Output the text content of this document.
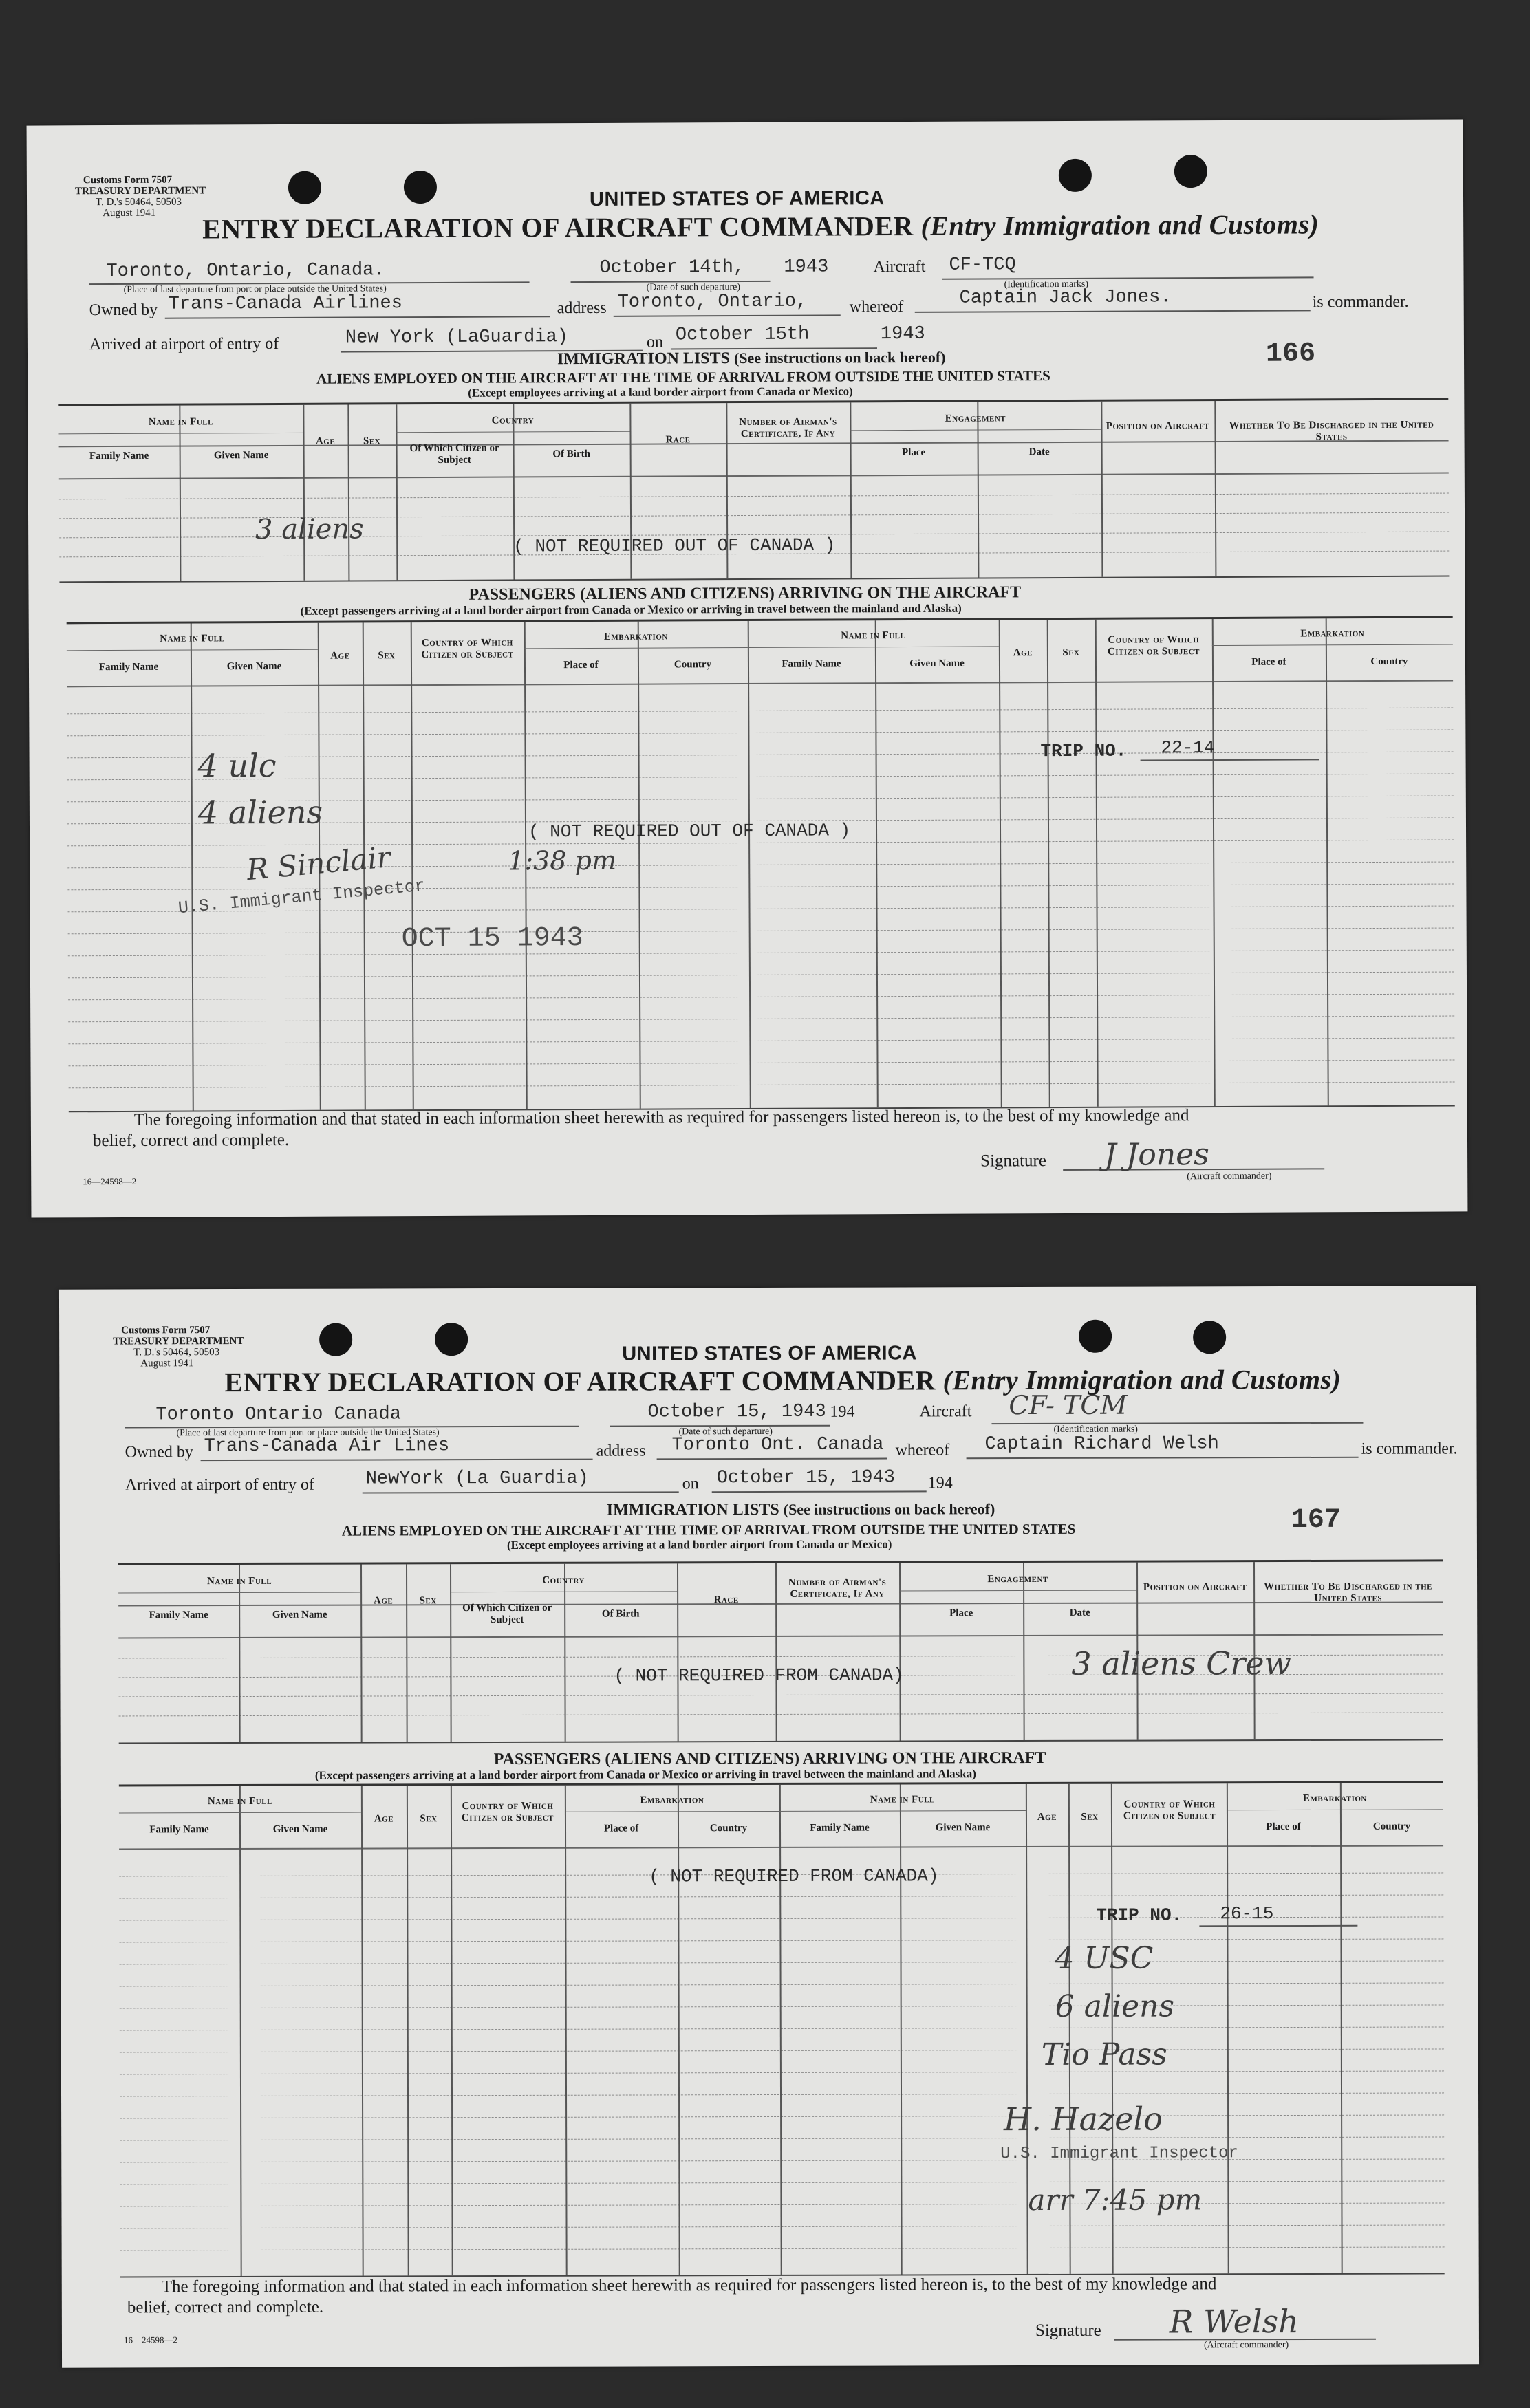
Customs Form 7507
TREASURY DEPARTMENT
T. D.'s 50464, 50503
August 1941
UNITED STATES OF AMERICA
ENTRY DECLARATION OF AIRCRAFT COMMANDER (Entry Immigration and Customs)
Toronto, Ontario, Canada.
(Place of last departure from port or place outside the United States)
October 14th, 1943
(Date of such departure)
Aircraft CF-TCQ
(Identification marks)
Owned by Trans-Canada Airlines	address Toronto, Ontario,	whereof	Captain Jack Jones.	is commander.
Arrived at airport of entry of	New York (LaGuardia)	on October 15th	1943
166
IMMIGRATION LISTS (See instructions on back hereof)
ALIENS EMPLOYED ON THE AIRCRAFT AT THE TIME OF ARRIVAL FROM OUTSIDE THE UNITED STATES
(Except employees arriving at a land border airport from Canada or Mexico)
Name in Full
Family Name	Given Name
Age	Sex
Country
Of Which Citizen or Subject
Of Birth
Race
Number of Airman's Certificate, If Any
Engagement
Place	Date
Position on Aircraft	Whether To Be Discharged in the United States
3 aliens
( NOT REQUIRED OUT OF CANADA )
PASSENGERS (ALIENS AND CITIZENS) ARRIVING ON THE AIRCRAFT
(Except passengers arriving at a land border airport from Canada or Mexico or arriving in travel between the mainland and Alaska)
Name in Full
Family Name	Given Name
Age	Sex
Country of Which Citizen or Subject
Embarkation
Place of	Country
Name in Full
Family Name	Given Name
Age	Sex
Country of Which Citizen or Subject
Embarkation
Place of	Country
TRIP NO. 22-14
4 ulc
4 aliens	( NOT REQUIRED OUT OF CANADA )
R Sinclair	1:38 pm
U.S. Immigrant Inspector
OCT 15 1943
The foregoing information and that stated in each information sheet herewith as required for passengers listed hereon is, to the best of my knowledge and
belief, correct and complete.
Signature J Jones
(Aircraft commander)
16—24598—2
Customs Form 7507
TREASURY DEPARTMENT
T. D.'s 50464, 50503
August 1941	UNITED STATES OF AMERICA
ENTRY DECLARATION OF AIRCRAFT COMMANDER (Entry Immigration and Customs)
Toronto Ontario Canada
(Place of last departure from port or place outside the United States)
October 15, 1943 194
(Date of such departure)
Aircraft CF- TCM
(Identification marks)
Owned by Trans-Canada Air Lines	address Toronto Ont. Canada whereof Captain Richard Welsh	is commander.
Arrived at airport of entry of	NewYork (La Guardia)	on October 15, 1943 194
167
IMMIGRATION LISTS (See instructions on back hereof)
ALIENS EMPLOYED ON THE AIRCRAFT AT THE TIME OF ARRIVAL FROM OUTSIDE THE UNITED STATES
(Except employees arriving at a land border airport from Canada or Mexico)
Name in Full
Family Name	Given Name
Age	Sex
Country
Of Which Citizen or Subject
Of Birth
Race
Number of Airman's Certificate, If Any
Engagement
Place	Date
Position on Aircraft	Whether To Be Discharged in the United States
( NOT REQUIRED FROM CANADA)	3 aliens Crew
PASSENGERS (ALIENS AND CITIZENS) ARRIVING ON THE AIRCRAFT
(Except passengers arriving at a land border airport from Canada or Mexico or arriving in travel between the mainland and Alaska)
Name in Full
Family Name	Given Name
Age	Sex
Country of Which Citizen or Subject
Embarkation
Place of	Country
Name in Full
Family Name	Given Name
Age	Sex
Country of Which Citizen or Subject
Embarkation
Place of	Country
( NOT REQUIRED FROM CANADA)
TRIP NO. 26-15
4 USC
6 aliens
Tio Pass
H. Hazelo
U.S. Immigrant Inspector
arr 7:45 pm
The foregoing information and that stated in each information sheet herewith as required for passengers listed hereon is, to the best of my knowledge and
belief, correct and complete.
Signature R Welsh
(Aircraft commander)
16—24598—2
